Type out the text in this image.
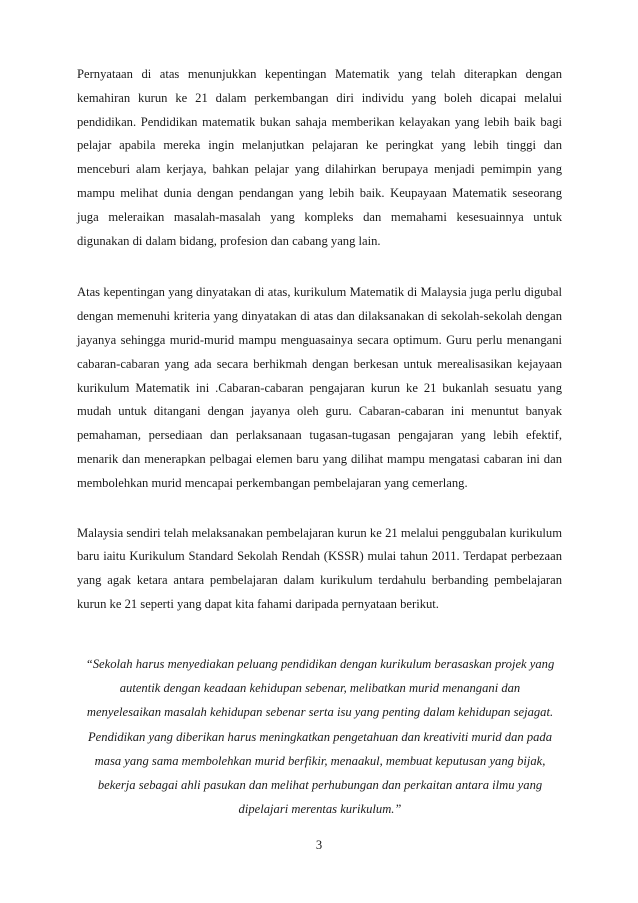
Pernyataan di atas menunjukkan kepentingan Matematik yang telah diterapkan dengan kemahiran kurun ke 21 dalam perkembangan diri individu yang boleh dicapai melalui pendidikan. Pendidikan matematik bukan sahaja memberikan kelayakan yang lebih baik bagi pelajar apabila mereka ingin melanjutkan pelajaran ke peringkat yang lebih tinggi dan menceburi alam kerjaya, bahkan pelajar yang dilahirkan berupaya menjadi pemimpin yang mampu melihat dunia dengan pendangan yang lebih baik. Keupayaan Matematik seseorang juga meleraikan masalah-masalah yang kompleks dan memahami kesesuainnya untuk digunakan di dalam bidang, profesion dan cabang yang lain.

Atas kepentingan yang dinyatakan di atas, kurikulum Matematik di Malaysia juga perlu digubal dengan memenuhi kriteria yang dinyatakan di atas dan dilaksanakan di sekolah-sekolah dengan jayanya sehingga murid-murid mampu menguasainya secara optimum. Guru perlu menangani cabaran-cabaran yang ada secara berhikmah dengan berkesan untuk merealisasikan kejayaan kurikulum Matematik ini .Cabaran-cabaran pengajaran kurun ke 21 bukanlah sesuatu yang mudah untuk ditangani dengan jayanya oleh guru. Cabaran-cabaran ini menuntut banyak pemahaman, persediaan dan perlaksanaan tugasan-tugasan pengajaran yang lebih efektif, menarik dan menerapkan pelbagai elemen baru yang dilihat mampu mengatasi cabaran ini dan membolehkan murid mencapai perkembangan pembelajaran yang cemerlang.

Malaysia sendiri telah melaksanakan pembelajaran kurun ke 21 melalui penggubalan kurikulum baru iaitu Kurikulum Standard Sekolah Rendah (KSSR) mulai tahun 2011. Terdapat perbezaan yang agak ketara antara pembelajaran dalam kurikulum terdahulu berbanding pembelajaran kurun ke 21 seperti yang dapat kita fahami daripada pernyataan berikut.

“Sekolah harus menyediakan peluang pendidikan dengan kurikulum berasaskan projek yang
autentik dengan keadaan kehidupan sebenar, melibatkan murid menangani dan
menyelesaikan masalah kehidupan sebenar serta isu yang penting dalam kehidupan sejagat.
Pendidikan yang diberikan harus meningkatkan pengetahuan dan kreativiti murid dan pada
masa yang sama membolehkan murid berfikir, menaakul, membuat keputusan yang bijak,
bekerja sebagai ahli pasukan dan melihat perhubungan dan perkaitan antara ilmu yang
dipelajari merentas kurikulum.”
3
